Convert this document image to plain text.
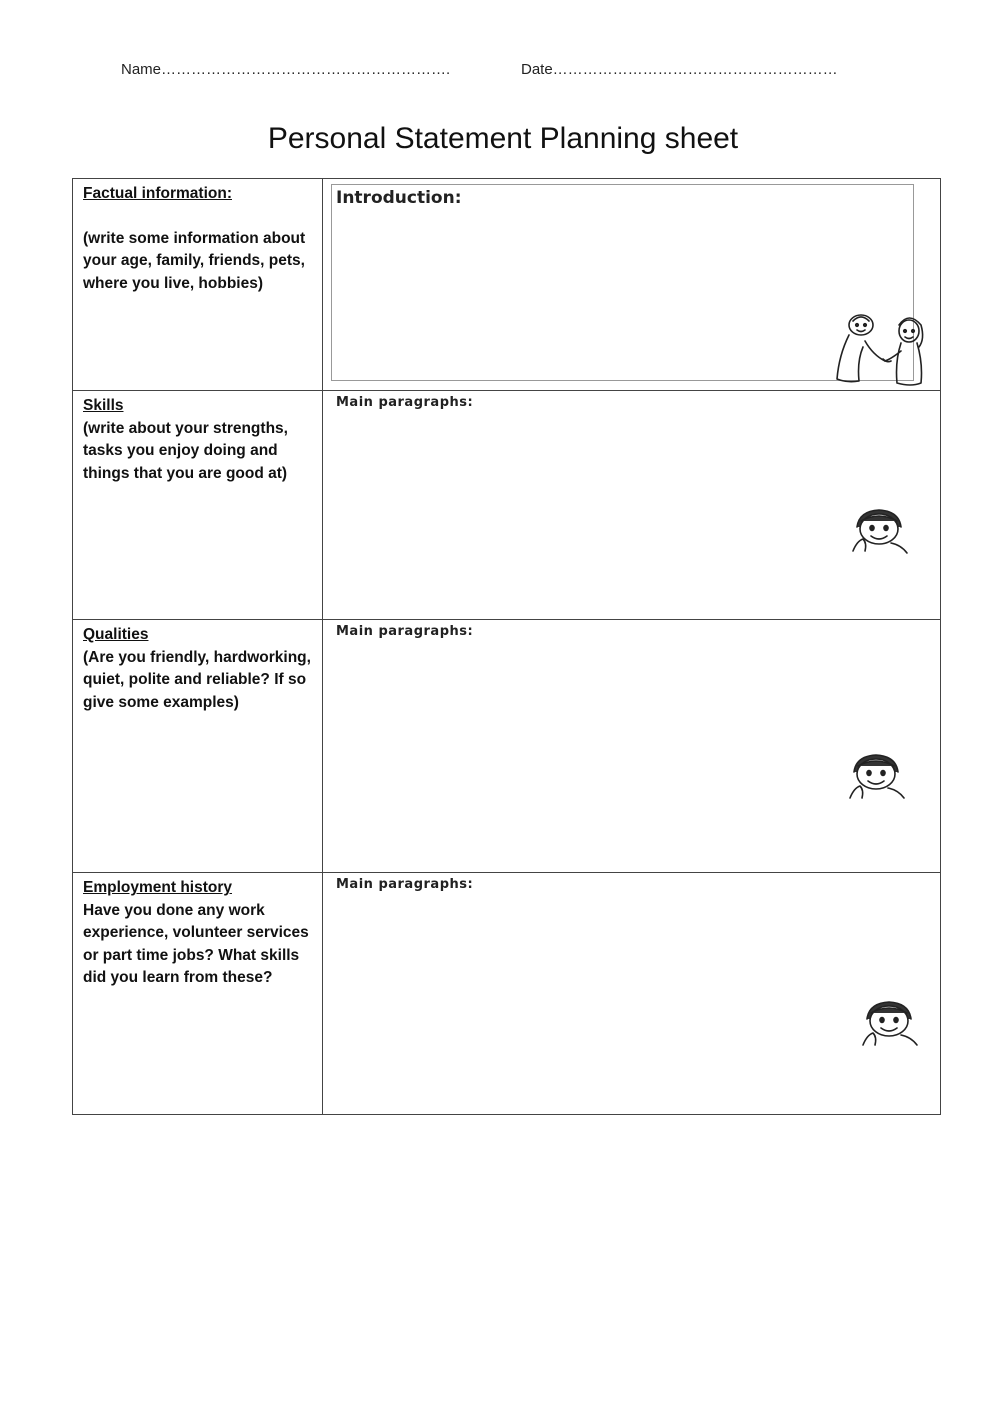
Name………………………………………………….	Date…………………………………………………
Personal Statement Planning sheet
Factual information:
(write some information about your age, family, friends, pets, where you live, hobbies)
Introduction:
Skills
(write about your strengths, tasks you enjoy doing and things that you are good at)
Main paragraphs:
Qualities
(Are you friendly, hardworking, quiet, polite and reliable? If so give some examples)
Main paragraphs:
Employment history
Have you done any work experience, volunteer services or part time jobs? What skills did you learn from these?
Main paragraphs:
